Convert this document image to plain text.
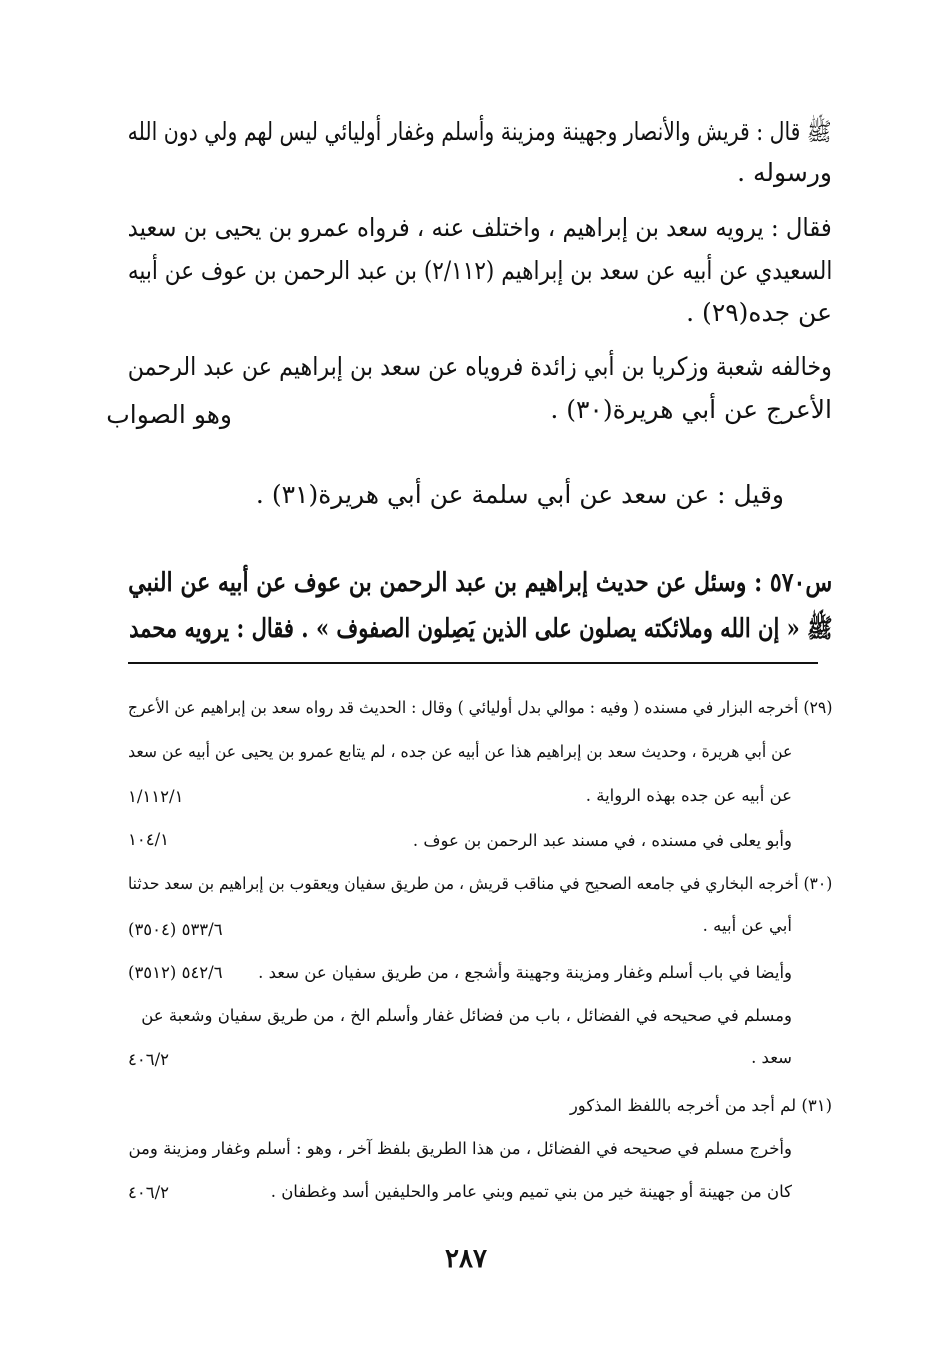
ﷺ قال : قريش والأنصار وجهينة ومزينة وأسلم وغفار أوليائي ليس لهم ولي دون الله
ورسوله .
فقال : يرويه سعد بن إبراهيم ، واختلف عنه ، فرواه عمرو بن يحيى بن سعيد
السعيدي عن أبيه عن سعد بن إبراهيم (٢/١١٢) بن عبد الرحمن بن عوف عن أبيه
عن جده(٢٩) .
وخالفه شعبة وزكريا بن أبي زائدة فروياه عن سعد بن إبراهيم عن عبد الرحمن
الأعرج عن أبي هريرة(٣٠) .
وهو الصواب
وقيل : عن سعد عن أبي سلمة عن أبي هريرة(٣١) .
س٥٧٠ : وسئل عن حديث إبراهيم بن عبد الرحمن بن عوف عن أبيه عن النبي
ﷺ « إن الله وملائكته يصلون على الذين يَصِلون الصفوف » . فقال : يرويه محمد
(٢٩) أخرجه البزار في مسنده ( وفيه : موالي بدل أوليائي ) وقال : الحديث قد رواه سعد بن إبراهيم عن الأعرج
عن أبي هريرة ، وحديث سعد بن إبراهيم هذا عن أبيه عن جده ، لم يتابع عمرو بن يحيى عن أبيه عن سعد
عن أبيه عن جده بهذه الرواية .
١/١١٢/١
وأبو يعلى في مسنده ، في مسند عبد الرحمن بن عوف .
١٠٤/١
(٣٠) أخرجه البخاري في جامعه الصحيح في مناقب قريش ، من طريق سفيان ويعقوب بن إبراهيم بن سعد حدثنا
أبي عن أبيه .
٥٣٣/٦ (٣٥٠٤)
وأيضا في باب أسلم وغفار ومزينة وجهينة وأشجع ، من طريق سفيان عن سعد .
٥٤٢/٦ (٣٥١٢)
ومسلم في صحيحه في الفضائل ، باب من فضائل غفار وأسلم الخ ، من طريق سفيان وشعبة عن
سعد .
٤٠٦/٢
(٣١) لم أجد من أخرجه باللفظ المذكور
وأخرج مسلم في صحيحه في الفضائل ، من هذا الطريق بلفظ آخر ، وهو : أسلم وغفار ومزينة ومن
كان من جهينة أو جهينة خير من بني تميم وبني عامر والحليفين أسد وغطفان .
٤٠٦/٢
٢٨٧
